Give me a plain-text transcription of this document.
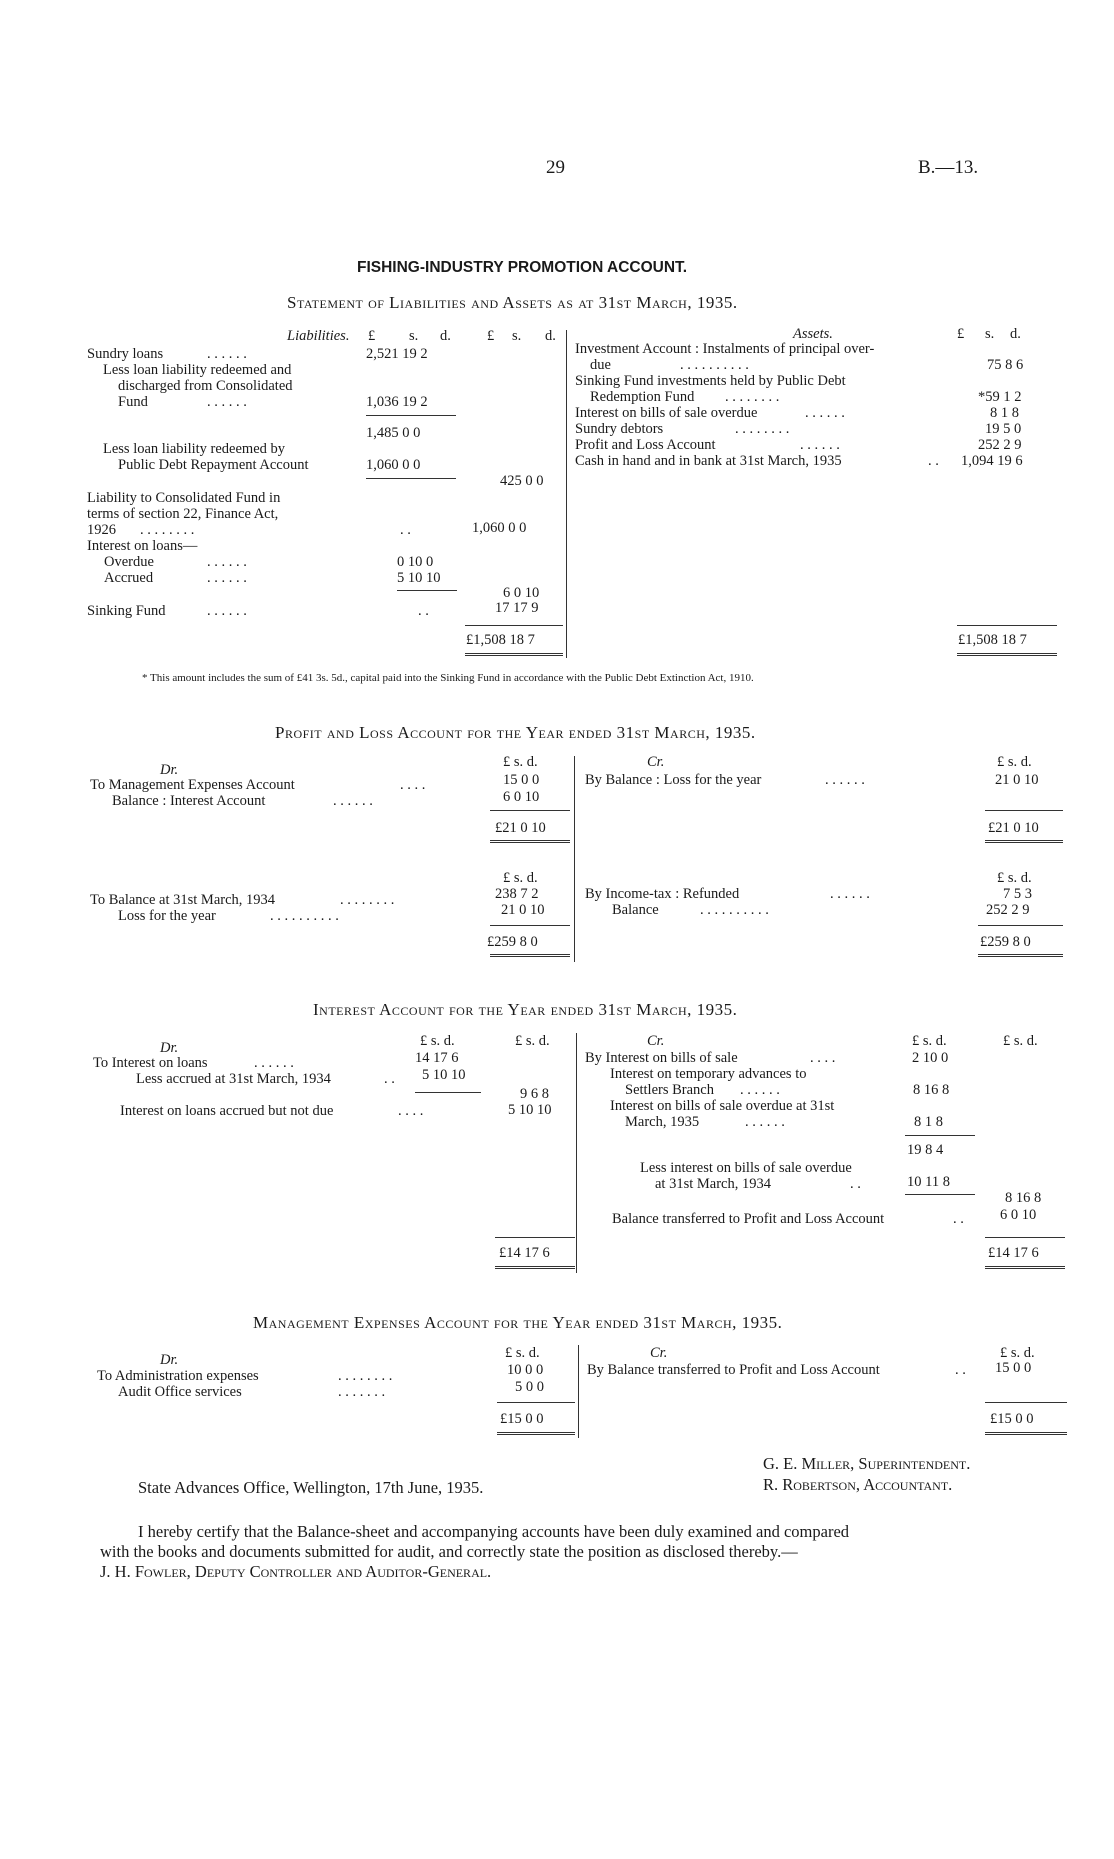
29	B.—13.
FISHING-INDUSTRY PROMOTION ACCOUNT.
Statement of Liabilities and Assets as at 31st March, 1935.
Liabilities. £ s. d. £ s. d.
Sundry loans	. . . . . .	2,521 19 2
Less loan liability redeemed and
discharged from Consolidated
Fund	. . . . . .	1,036 19 2
1,485 0 0
Less loan liability redeemed by
Public Debt Repayment Account	1,060 0 0
425 0 0
Liability to Consolidated Fund in
terms of section 22, Finance Act,
1926 . . . . . . . .	. .	1,060 0 0
Interest on loans—
Overdue	. . . . . .	0 10 0
Accrued	. . . . . .	5 10 10
6 0 10
Sinking Fund	. . . . . .	. .	17 17 9
£1,508 18 7
Assets.	£ s. d.
Investment Account : Instalments of principal over-
due	. . . . . . . . . .	75 8 6
Sinking Fund investments held by Public Debt
Redemption Fund . . . . . . . .	*59 1 2
Interest on bills of sale overdue	. . . . . .	8 1 8
Sundry debtors	. . . . . . . .	19 5 0
Profit and Loss Account	. . . . . .	252 2 9
Cash in hand and in bank at 31st March, 1935	. . 1,094 19 6
£1,508 18 7
* This amount includes the sum of £41 3s. 5d., capital paid into the Sinking Fund in accordance with the Public Debt Extinction Act, 1910.
Profit and Loss Account for the Year ended 31st March, 1935.
Dr.	£ s. d.	Cr.	£ s. d.
To Management Expenses Account	. . . .	15 0 0
Balance : Interest Account	. . . . . .	6 0 10
£21 0 10
By Balance : Loss for the year	. . . . . .	21 0 10
£21 0 10
£ s. d.	£ s. d.
To Balance at 31st March, 1934	. . . . . . . .	238 7 2
Loss for the year	. . . . . . . . . .	21 0 10
£259 8 0
By Income-tax : Refunded	. . . . . .	7 5 3
Balance	. . . . . . . . . .	252 2 9
£259 8 0
Interest Account for the Year ended 31st March, 1935.
Dr.	£ s. d.	£ s. d.	Cr.	£ s. d.	£ s. d.
To Interest on loans	. . . . . .	14 17 6
Less accrued at 31st March, 1934	. . 5 10 10
9 6 8
Interest on loans accrued but not due	. . . .	5 10 10
£14 17 6
By Interest on bills of sale	. . . .	2 10 0
Interest on temporary advances to
Settlers Branch . . . . . .	8 16 8
Interest on bills of sale overdue at 31st
March, 1935	. . . . . .	8 1 8
19 8 4
Less interest on bills of sale overdue
at 31st March, 1934	. .	10 11 8
8 16 8
Balance transferred to Profit and Loss Account	. . 6 0 10
£14 17 6
Management Expenses Account for the Year ended 31st March, 1935.
Dr.	£ s. d.	Cr.	£ s. d.
To Administration expenses	. . . . . . . .	10 0 0
Audit Office services	. . . . . . .	5 0 0
£15 0 0
By Balance transferred to Profit and Loss Account	. . 15 0 0
£15 0 0
G. E. Miller, Superintendent.
State Advances Office, Wellington, 17th June, 1935.	R. Robertson, Accountant.
I hereby certify that the Balance-sheet and accompanying accounts have been duly examined and compared
with the books and documents submitted for audit, and correctly state the position as disclosed thereby.—
J. H. Fowler, Deputy Controller and Auditor-General.
